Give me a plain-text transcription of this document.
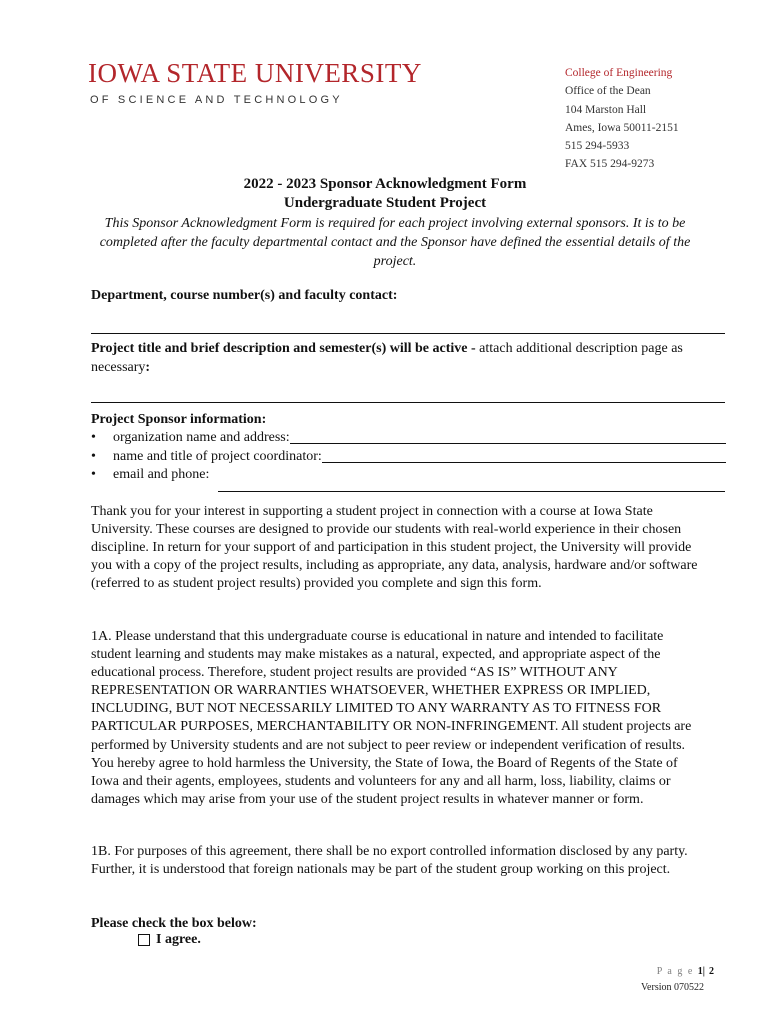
IOWA STATE UNIVERSITY
OF SCIENCE AND TECHNOLOGY
College of Engineering
Office of the Dean
104 Marston Hall
Ames, Iowa 50011-2151
515 294-5933
FAX 515 294-9273
2022 - 2023 Sponsor Acknowledgment Form
Undergraduate Student Project
This Sponsor Acknowledgment Form is required for each project involving external sponsors. It is to be completed after the faculty departmental contact and the Sponsor have defined the essential details of the project.
Department, course number(s) and faculty contact:
Project title and brief description and semester(s) will be active - attach additional description page as necessary:
Project Sponsor information:
•	organization name and address:
•	name and title of project coordinator:
•	email and phone:
Thank you for your interest in supporting a student project in connection with a course at Iowa State University. These courses are designed to provide our students with real-world experience in their chosen discipline. In return for your support of and participation in this student project, the University will provide you with a copy of the project results, including as appropriate, any data, analysis, hardware and/or software (referred to as student project results) provided you complete and sign this form.
1A. Please understand that this undergraduate course is educational in nature and intended to facilitate student learning and students may make mistakes as a natural, expected, and appropriate aspect of the educational process. Therefore, student project results are provided “AS IS” WITHOUT ANY REPRESENTATION OR WARRANTIES WHATSOEVER, WHETHER EXPRESS OR IMPLIED, INCLUDING, BUT NOT NECESSARILY LIMITED TO ANY WARRANTY AS TO FITNESS FOR PARTICULAR PURPOSES, MERCHANTABILITY OR NON-INFRINGEMENT. All student projects are performed by University students and are not subject to peer review or independent verification of results. You hereby agree to hold harmless the University, the State of Iowa, the Board of Regents of the State of Iowa and their agents, employees, students and volunteers for any and all harm, loss, liability, claims or damages which may arise from your use of the student project results in whatever manner or form.
1B. For purposes of this agreement, there shall be no export controlled information disclosed by any party. Further, it is understood that foreign nationals may be part of the student group working on this project.
Please check the box below:
I agree.
P a g e 1| 2
Version 070522
